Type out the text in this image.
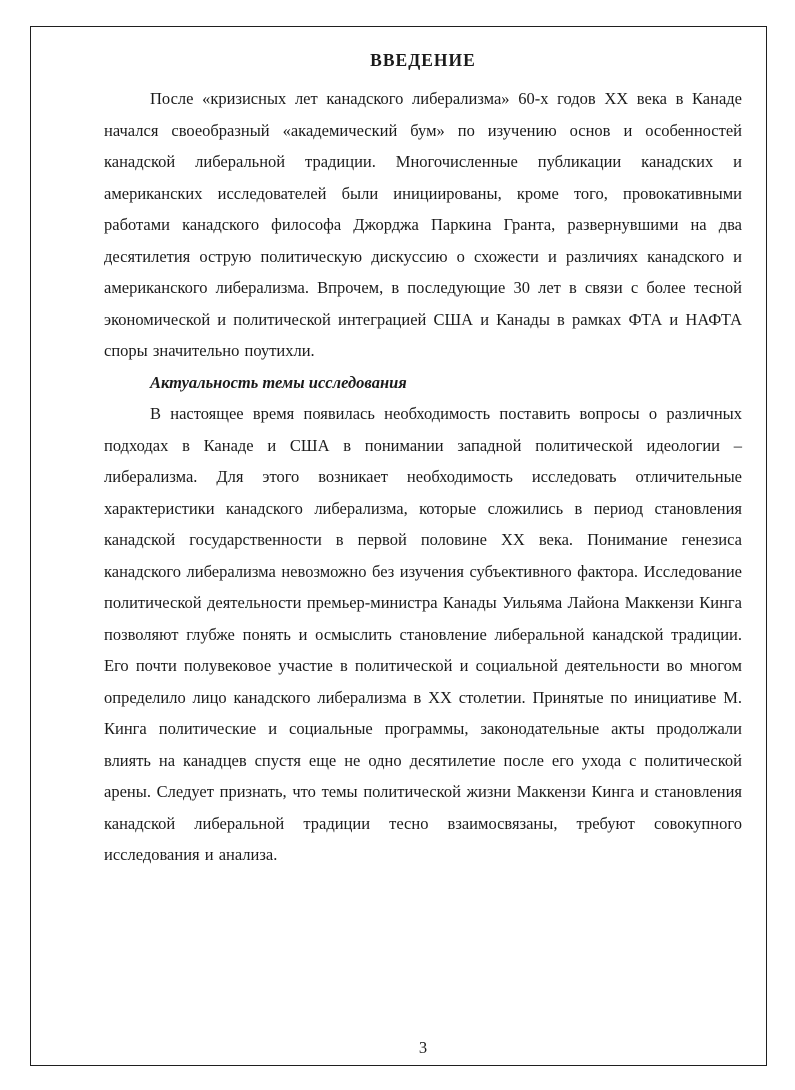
ВВЕДЕНИЕ

После «кризисных лет канадского либерализма» 60-х годов XX века в Канаде начался своеобразный «академический бум» по изучению основ и особенностей канадской либеральной традиции. Многочисленные публикации канадских и американских исследователей были инициированы, кроме того, провокативными работами канадского философа Джорджа Паркина Гранта, развернувшими на два десятилетия острую политическую дискуссию о схожести и различиях канадского и американского либерализма. Впрочем, в последующие 30 лет в связи с более тесной экономической и политической интеграцией США и Канады в рамках ФТА и НАФТА споры значительно поутихли.

Актуальность темы исследования

В настоящее время появилась необходимость поставить вопросы о различных подходах в Канаде и США в понимании западной политической идеологии – либерализма. Для этого возникает необходимость исследовать отличительные характеристики канадского либерализма, которые сложились в период становления канадской государственности в первой половине XX века. Понимание генезиса канадского либерализма невозможно без изучения субъективного фактора. Исследование политической деятельности премьер-министра Канады Уильяма Лайона Маккензи Кинга позволяют глубже понять и осмыслить становление либеральной канадской традиции. Его почти полувековое участие в политической и социальной деятельности во многом определило лицо канадского либерализма в XX столетии. Принятые по инициативе М. Кинга политические и социальные программы, законодательные акты продолжали влиять на канадцев спустя еще не одно десятилетие после его ухода с политической арены. Следует признать, что темы политической жизни Маккензи Кинга и становления канадской либеральной традиции тесно взаимосвязаны, требуют совокупного исследования и анализа.

3
